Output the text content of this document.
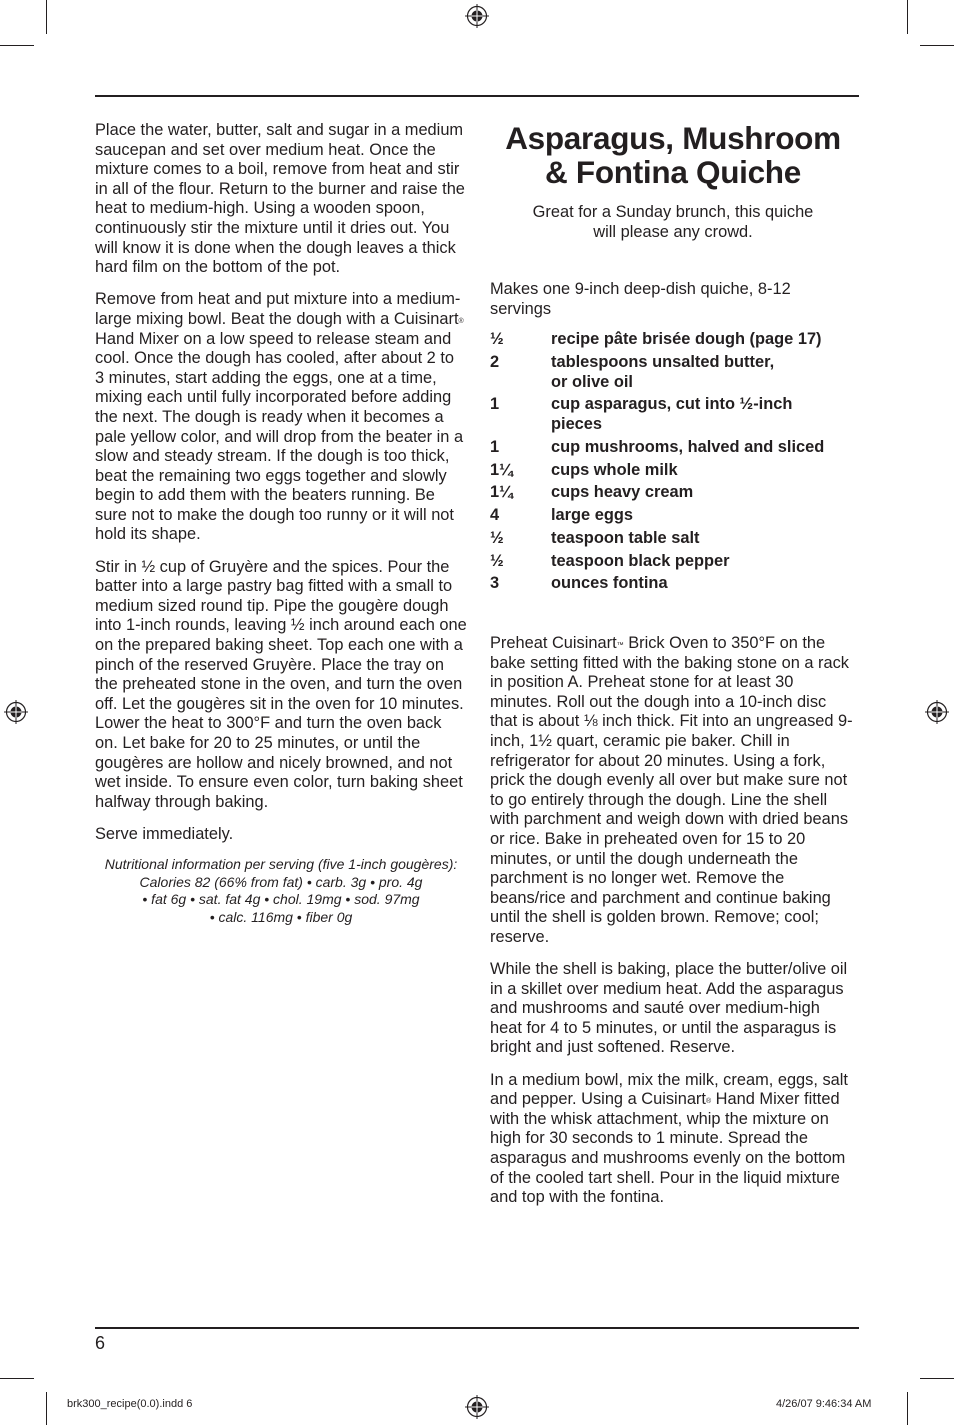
Place the water, butter, salt and sugar in a medium saucepan and set over medium heat. Once the mixture comes to a boil, remove from heat and stir in all of the flour. Return to the burner and raise the heat to medium-high. Using a wooden spoon, continuously stir the mixture until it dries out. You will know it is done when the dough leaves a thick hard film on the bottom of the pot.

Remove from heat and put mixture into a medium-large mixing bowl. Beat the dough with a Cuisinart® Hand Mixer on a low speed to release steam and cool. Once the dough has cooled, after about 2 to 3 minutes, start adding the eggs, one at a time, mixing each until fully incorporated before adding the next. The dough is ready when it becomes a pale yellow color, and will drop from the beater in a slow and steady stream. If the dough is too thick, beat the remaining two eggs together and slowly begin to add them with the beaters running. Be sure not to make the dough too runny or it will not hold its shape.

Stir in ½ cup of Gruyère and the spices. Pour the batter into a large pastry bag fitted with a small to medium sized round tip. Pipe the gougère dough into 1-inch rounds, leaving ½ inch around each one on the prepared baking sheet. Top each one with a pinch of the reserved Gruyère. Place the tray on the preheated stone in the oven, and turn the oven off. Let the gougères sit in the oven for 10 minutes. Lower the heat to 300°F and turn the oven back on. Let bake for 20 to 25 minutes, or until the gougères are hollow and nicely browned, and not wet inside. To ensure even color, turn baking sheet halfway through baking.

Serve immediately.

Nutritional information per serving (five 1-inch gougères):
Calories 82 (66% from fat) • carb. 3g • pro. 4g
• fat 6g • sat. fat 4g • chol. 19mg • sod. 97mg
• calc. 116mg • fiber 0g

Asparagus, Mushroom
& Fontina Quiche

Great for a Sunday brunch, this quiche
will please any crowd.

Makes one 9-inch deep-dish quiche, 8-12 servings

½	recipe pâte brisée dough (page 17)
2	tablespoons unsalted butter,
or olive oil
1	cup asparagus, cut into ½-inch
pieces
1	cup mushrooms, halved and sliced
1¼	cups whole milk
1¼	cups heavy cream
4	large eggs
½	teaspoon table salt
½	teaspoon black pepper
3	ounces fontina

Preheat Cuisinart™ Brick Oven to 350°F on the bake setting fitted with the baking stone on a rack in position A. Preheat stone for at least 30 minutes. Roll out the dough into a 10-inch disc that is about ⅛ inch thick. Fit into an ungreased 9-inch, 1½ quart, ceramic pie baker. Chill in refrigerator for about 20 minutes. Using a fork, prick the dough evenly all over but make sure not to go entirely through the dough. Line the shell with parchment and weigh down with dried beans or rice. Bake in preheated oven for 15 to 20 minutes, or until the dough underneath the parchment is no longer wet. Remove the beans/rice and parchment and continue baking until the shell is golden brown. Remove; cool; reserve.

While the shell is baking, place the butter/olive oil in a skillet over medium heat. Add the asparagus and mushrooms and sauté over medium-high heat for 4 to 5 minutes, or until the asparagus is bright and just softened. Reserve.

In a medium bowl, mix the milk, cream, eggs, salt and pepper. Using a Cuisinart® Hand Mixer fitted with the whisk attachment, whip the mixture on high for 30 seconds to 1 minute. Spread the asparagus and mushrooms evenly on the bottom of the cooled tart shell. Pour in the liquid mixture and top with the fontina.

6
brk300_recipe(0.0).indd 6	4/26/07 9:46:34 AM
